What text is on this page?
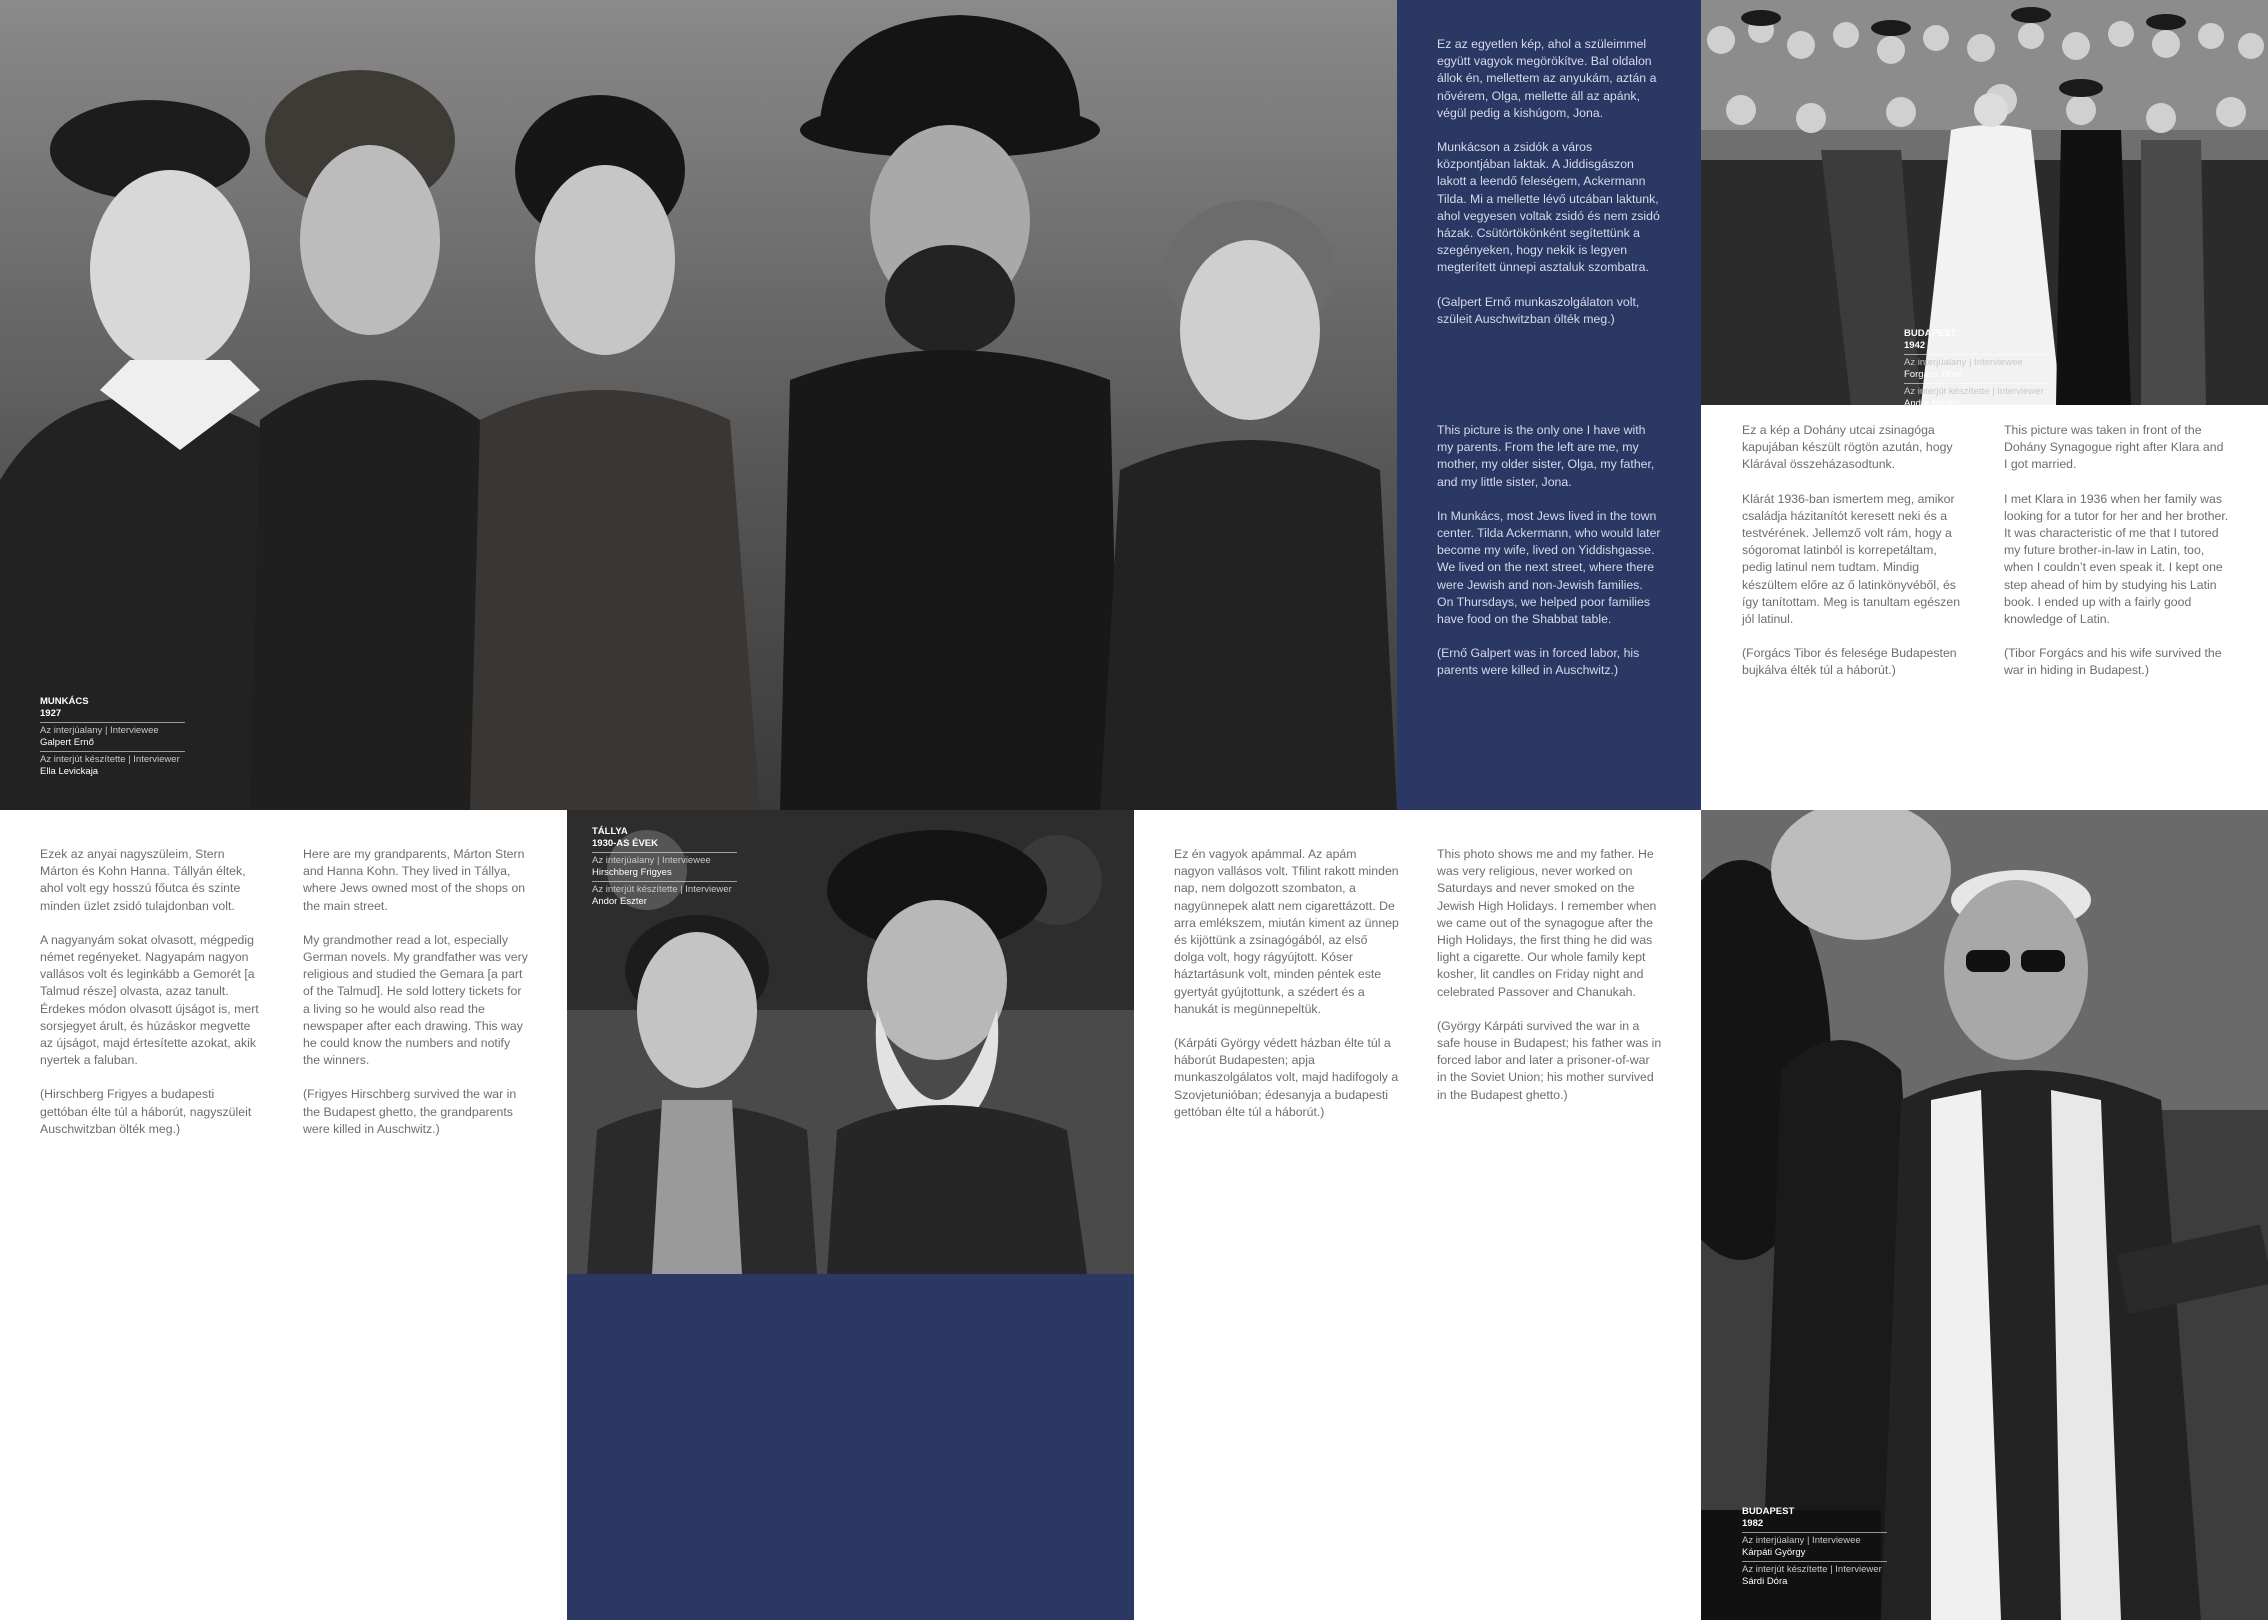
MUNKÁCS
1927
Az interjúalany | Interviewee
Galpert Ernő
Az interjút készítette | Interviewer
Ella Levickaja

Ez az egyetlen kép, ahol a szüleimmel együtt vagyok megörökítve. Bal oldalon állok én, mellettem az anyukám, aztán a nővérem, Olga, mellette áll az apánk, végül pedig a kishúgom, Jona.

Munkácson a zsidók a város központjában laktak. A Jiddisgászon lakott a leendő feleségem, Ackermann Tilda. Mi a mellette lévő utcában laktunk, ahol vegyesen voltak zsidó és nem zsidó házak. Csütörtökönként segítettünk a szegényeken, hogy nekik is legyen megterített ünnepi asztaluk szombatra.

(Galpert Ernő munkaszolgálaton volt, szüleit Auschwitzban ölték meg.)

This picture is the only one I have with my parents. From the left are me, my mother, my older sister, Olga, my father, and my little sister, Jona.

In Munkács, most Jews lived in the town center. Tilda Ackermann, who would later become my wife, lived on Yiddishgasse. We lived on the next street, where there were Jewish and non-Jewish families. On Thursdays, we helped poor families have food on the Shabbat table.

(Ernő Galpert was in forced labor, his parents were killed in Auschwitz.)

BUDAPEST
1942
Az interjúalany | Interviewee
Forgács Tibor
Az interjút készítette | Interviewer
Andor Mihály

Ez a kép a Dohány utcai zsinagóga kapujában készült rögtön azután, hogy Klárával összeházasodtunk.

Klárát 1936-ban ismertem meg, amikor családja házitanítót keresett neki és a testvérének. Jellemző volt rám, hogy a sógoromat latinból is korrepetáltam, pedig latinul nem tudtam. Mindig készültem előre az ő latinkönyvéből, és így tanítottam. Meg is tanultam egészen jól latinul.

(Forgács Tibor és felesége Budapesten bujkálva élték túl a háborút.)

This picture was taken in front of the Dohány Synagogue right after Klara and I got married.

I met Klara in 1936 when her family was looking for a tutor for her and her brother. It was characteristic of me that I tutored my future brother-in-law in Latin, too, when I couldn’t even speak it. I kept one step ahead of him by studying his Latin book. I ended up with a fairly good knowledge of Latin.

(Tibor Forgács and his wife survived the war in hiding in Budapest.)

Ezek az anyai nagyszüleim, Stern Márton és Kohn Hanna. Tállyán éltek, ahol volt egy hosszú főutca és szinte minden üzlet zsidó tulajdonban volt.

A nagyanyám sokat olvasott, mégpedig német regényeket. Nagyapám nagyon vallásos volt és leginkább a Gemorét [a Talmud része] olvasta, azaz tanult. Érdekes módon olvasott újságot is, mert sorsjegyet árult, és húzáskor megvette az újságot, majd értesítette azokat, akik nyertek a faluban.

(Hirschberg Frigyes a budapesti gettóban élte túl a háborút, nagyszüleit Auschwitzban ölték meg.)

Here are my grandparents, Márton Stern and Hanna Kohn. They lived in Tállya, where Jews owned most of the shops on the main street.

My grandmother read a lot, especially German novels. My grandfather was very religious and studied the Gemara [a part of the Talmud]. He sold lottery tickets for a living so he would also read the newspaper after each drawing. This way he could know the numbers and notify the winners.

(Frigyes Hirschberg survived the war in the Budapest ghetto, the grandparents were killed in Auschwitz.)

TÁLLYA
1930-AS ÉVEK
Az interjúalany | Interviewee
Hirschberg Frigyes
Az interjút készítette | Interviewer
Andor Eszter

Ez én vagyok apámmal. Az apám nagyon vallásos volt. Tfilint rakott minden nap, nem dolgozott szombaton, a nagyünnepek alatt nem cigarettázott. De arra emlékszem, miután kiment az ünnep és kijöttünk a zsinagógából, az első dolga volt, hogy rágyújtott. Kóser háztartásunk volt, minden péntek este gyertyát gyújtottunk, a szédert és a hanukát is megünnepeltük.

(Kárpáti György védett házban élte túl a háborút Budapesten; apja munkaszolgálatos volt, majd hadifogoly a Szovjetunióban; édesanyja a budapesti gettóban élte túl a háborút.)

This photo shows me and my father. He was very religious, never worked on Saturdays and never smoked on the Jewish High Holidays. I remember when we came out of the synagogue after the High Holidays, the first thing he did was light a cigarette. Our whole family kept kosher, lit candles on Friday night and celebrated Passover and Chanukah.

(György Kárpáti survived the war in a safe house in Budapest; his father was in forced labor and later a prisoner-of-war in the Soviet Union; his mother survived in the Budapest ghetto.)

BUDAPEST
1982
Az interjúalany | Interviewee
Kárpáti György
Az interjút készítette | Interviewer
Sárdi Dóra
